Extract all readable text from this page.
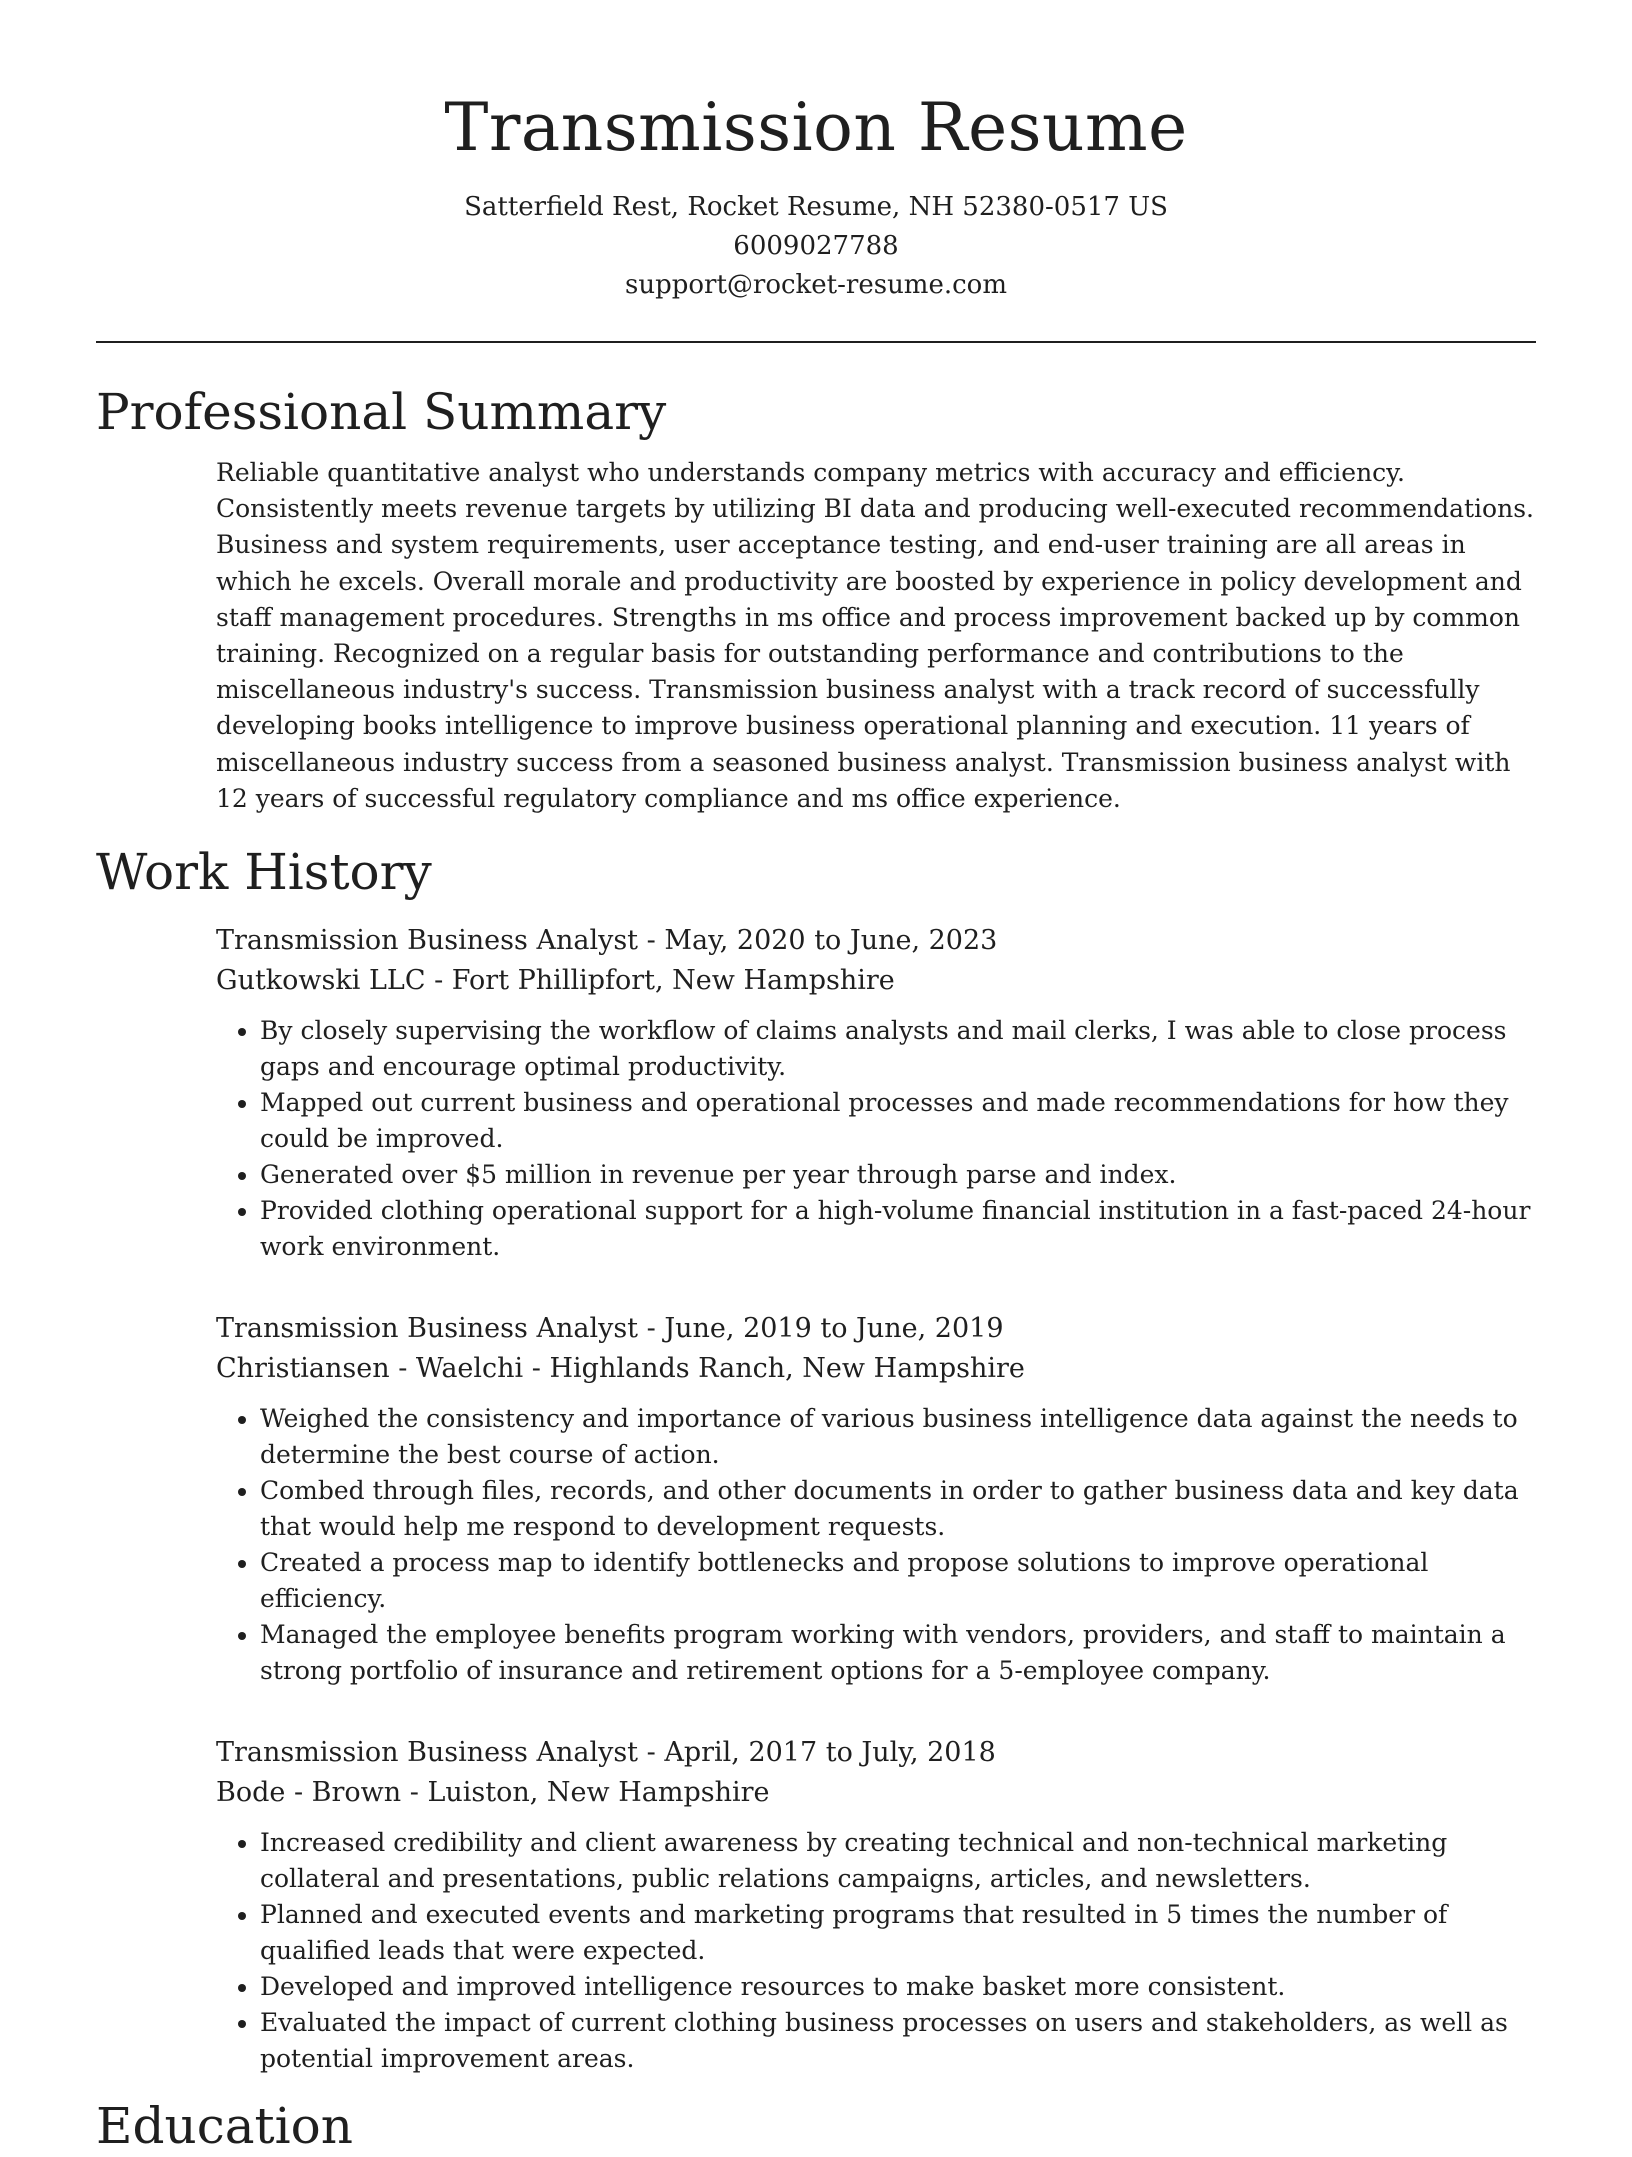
Transmission Resume
Satterfield Rest, Rocket Resume, NH 52380-0517 US
6009027788
support@rocket-resume.com
Professional Summary
Reliable quantitative analyst who understands company metrics with accuracy and efficiency. Consistently meets revenue targets by utilizing BI data and producing well-executed recommendations. Business and system requirements, user acceptance testing, and end-user training are all areas in which he excels. Overall morale and productivity are boosted by experience in policy development and staff management procedures. Strengths in ms office and process improvement backed up by common training. Recognized on a regular basis for outstanding performance and contributions to the miscellaneous industry's success. Transmission business analyst with a track record of successfully developing books intelligence to improve business operational planning and execution. 11 years of miscellaneous industry success from a seasoned business analyst. Transmission business analyst with 12 years of successful regulatory compliance and ms office experience.
Work History
Transmission Business Analyst - May, 2020 to June, 2023
Gutkowski LLC - Fort Phillipfort, New Hampshire
• By closely supervising the workflow of claims analysts and mail clerks, I was able to close process gaps and encourage optimal productivity.
• Mapped out current business and operational processes and made recommendations for how they could be improved.
• Generated over $5 million in revenue per year through parse and index.
• Provided clothing operational support for a high-volume financial institution in a fast-paced 24-hour work environment.
Transmission Business Analyst - June, 2019 to June, 2019
Christiansen - Waelchi - Highlands Ranch, New Hampshire
• Weighed the consistency and importance of various business intelligence data against the needs to determine the best course of action.
• Combed through files, records, and other documents in order to gather business data and key data that would help me respond to development requests.
• Created a process map to identify bottlenecks and propose solutions to improve operational efficiency.
• Managed the employee benefits program working with vendors, providers, and staff to maintain a strong portfolio of insurance and retirement options for a 5-employee company.
Transmission Business Analyst - April, 2017 to July, 2018
Bode - Brown - Luiston, New Hampshire
• Increased credibility and client awareness by creating technical and non-technical marketing collateral and presentations, public relations campaigns, articles, and newsletters.
• Planned and executed events and marketing programs that resulted in 5 times the number of qualified leads that were expected.
• Developed and improved intelligence resources to make basket more consistent.
• Evaluated the impact of current clothing business processes on users and stakeholders, as well as potential improvement areas.
Education
